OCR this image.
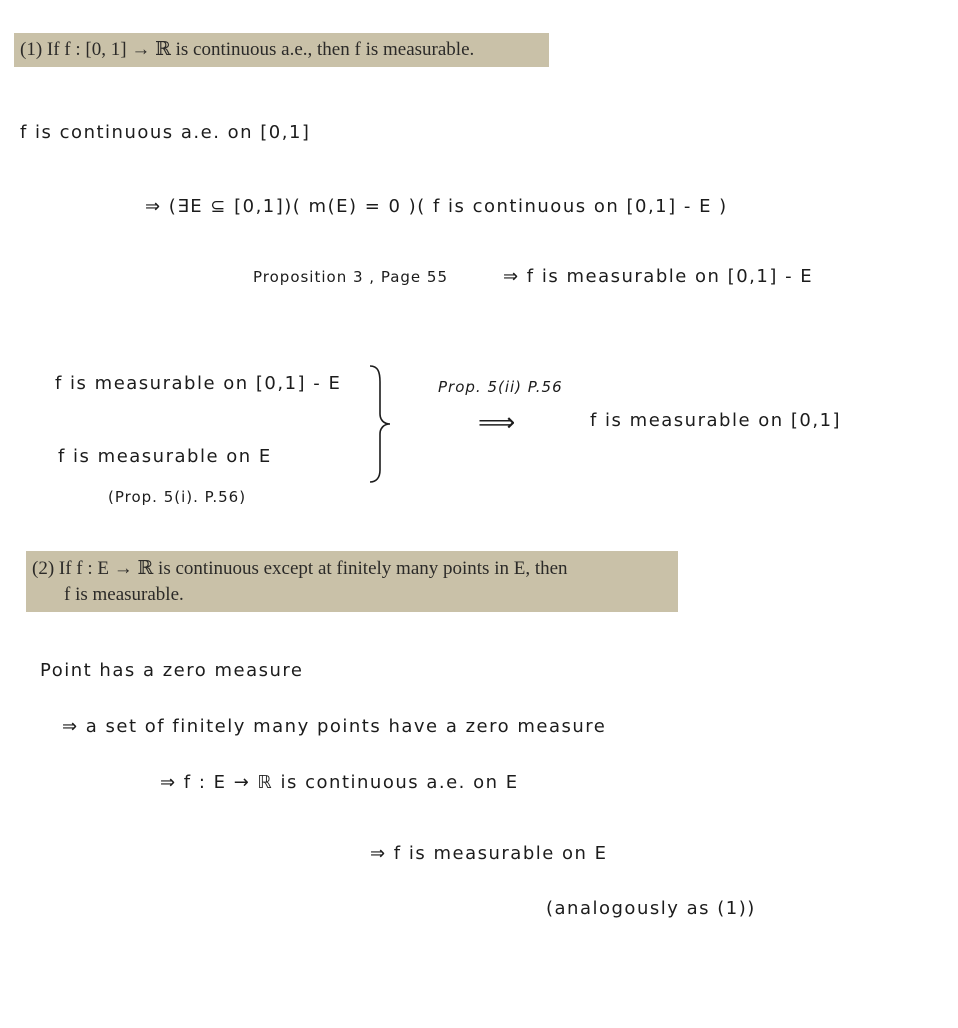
(1) If f : [0, 1] → ℝ is continuous a.e., then f is measurable.
f is continuous a.e. on [0,1]
⇒ (∃E ⊆ [0,1])( m(E) = 0 )( f is continuous on [0,1] - E )
Proposition 3 , Page 55	⇒ f is measurable on [0,1] - E
f is measurable on [0,1] - E
f is measurable on E
(Prop. 5(i). P.56)
Prop. 5(ii) P.56
⟹	f is measurable on [0,1]
(2) If f : E → ℝ is continuous except at finitely many points in E, then
f is measurable.
Point has a zero measure
⇒ a set of finitely many points have a zero measure
⇒ f : E → ℝ is continuous a.e. on E
⇒ f is measurable on E
(analogously as (1))
